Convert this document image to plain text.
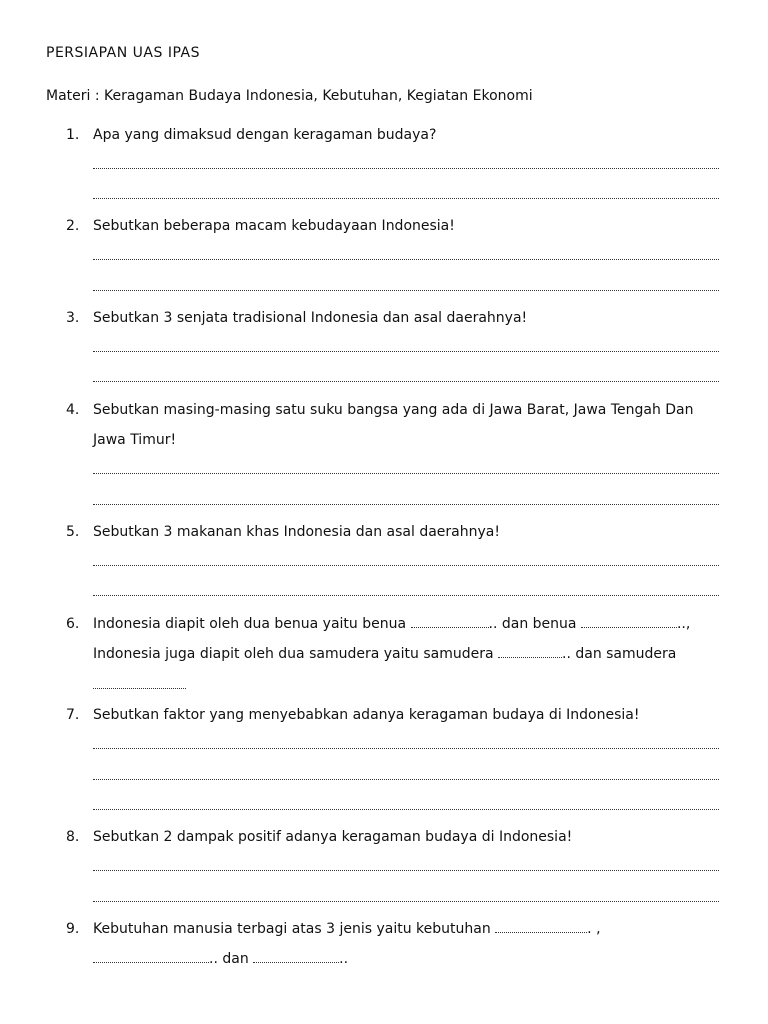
PERSIAPAN UAS IPAS
Materi : Keragaman Budaya Indonesia, Kebutuhan, Kegiatan Ekonomi
1. Apa yang dimaksud dengan keragaman budaya?
2. Sebutkan beberapa macam kebudayaan Indonesia!
3. Sebutkan 3 senjata tradisional Indonesia dan asal daerahnya!
4. Sebutkan masing-masing satu suku bangsa yang ada di Jawa Barat, Jawa Tengah Dan
Jawa Timur!
5. Sebutkan 3 makanan khas Indonesia dan asal daerahnya!
6. Indonesia diapit oleh dua benua yaitu benua	.. dan benua	..,
Indonesia juga diapit oleh dua samudera yaitu samudera	.. dan samudera
7. Sebutkan faktor yang menyebabkan adanya keragaman budaya di Indonesia!
8. Sebutkan 2 dampak positif adanya keragaman budaya di Indonesia!
9. Kebutuhan manusia terbagi atas 3 jenis yaitu kebutuhan	. ,
.. dan	..
